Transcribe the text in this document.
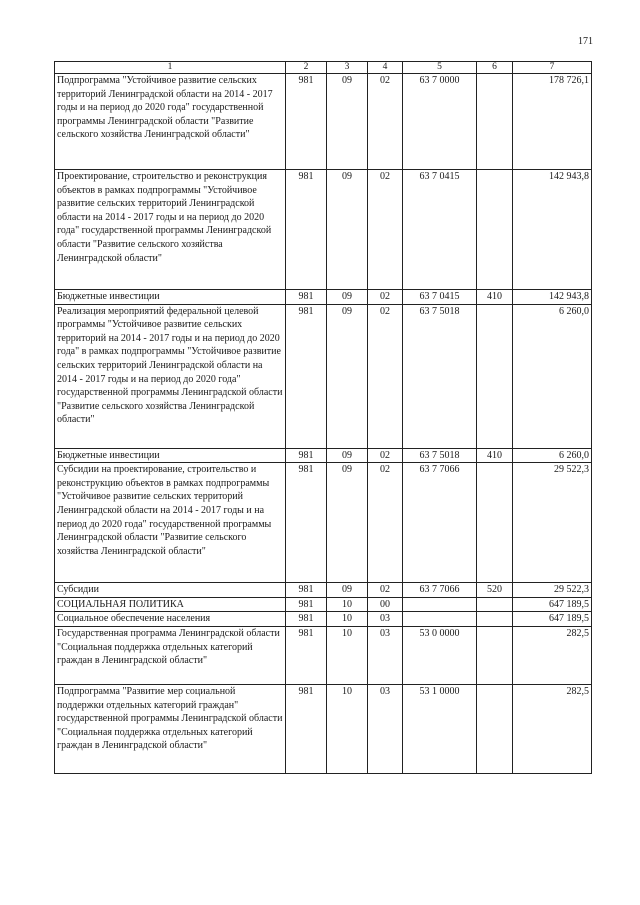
171
1	2	3	4	5	6	7
Подпрограмма "Устойчивое развитие сельских территорий Ленинградской области на 2014 - 2017 годы и на период до 2020 года" государственной программы Ленинградской области "Развитие сельского хозяйства Ленинградской области"	981	09	02	63 7 0000		178 726,1
Проектирование, строительство и реконструкция объектов в рамках подпрограммы "Устойчивое развитие сельских территорий Ленинградской области на 2014 - 2017 годы и на период до 2020 года" государственной программы Ленинградской области "Развитие сельского хозяйства Ленинградской области"	981	09	02	63 7 0415		142 943,8
Бюджетные инвестиции	981	09	02	63 7 0415	410	142 943,8
Реализация мероприятий федеральной целевой программы "Устойчивое развитие сельских территорий на 2014 - 2017 годы и на период до 2020 года" в рамках подпрограммы "Устойчивое развитие сельских территорий Ленинградской области на 2014 - 2017 годы и на период до 2020 года" государственной программы Ленинградской области "Развитие сельского хозяйства Ленинградской области"	981	09	02	63 7 5018		6 260,0
Бюджетные инвестиции	981	09	02	63 7 5018	410	6 260,0
Субсидии на проектирование, строительство и реконструкцию объектов в рамках подпрограммы "Устойчивое развитие сельских территорий Ленинградской области на 2014 - 2017 годы и на период до 2020 года" государственной программы Ленинградской области "Развитие сельского хозяйства Ленинградской области"	981	09	02	63 7 7066		29 522,3
Субсидии	981	09	02	63 7 7066	520	29 522,3
СОЦИАЛЬНАЯ ПОЛИТИКА	981	10	00			647 189,5
Социальное обеспечение населения	981	10	03			647 189,5
Государственная программа Ленинградской области "Социальная поддержка отдельных категорий граждан в Ленинградской области"	981	10	03	53 0 0000		282,5
Подпрограмма "Развитие мер социальной поддержки отдельных категорий граждан" государственной программы Ленинградской области "Социальная поддержка отдельных категорий граждан в Ленинградской области"	981	10	03	53 1 0000		282,5
